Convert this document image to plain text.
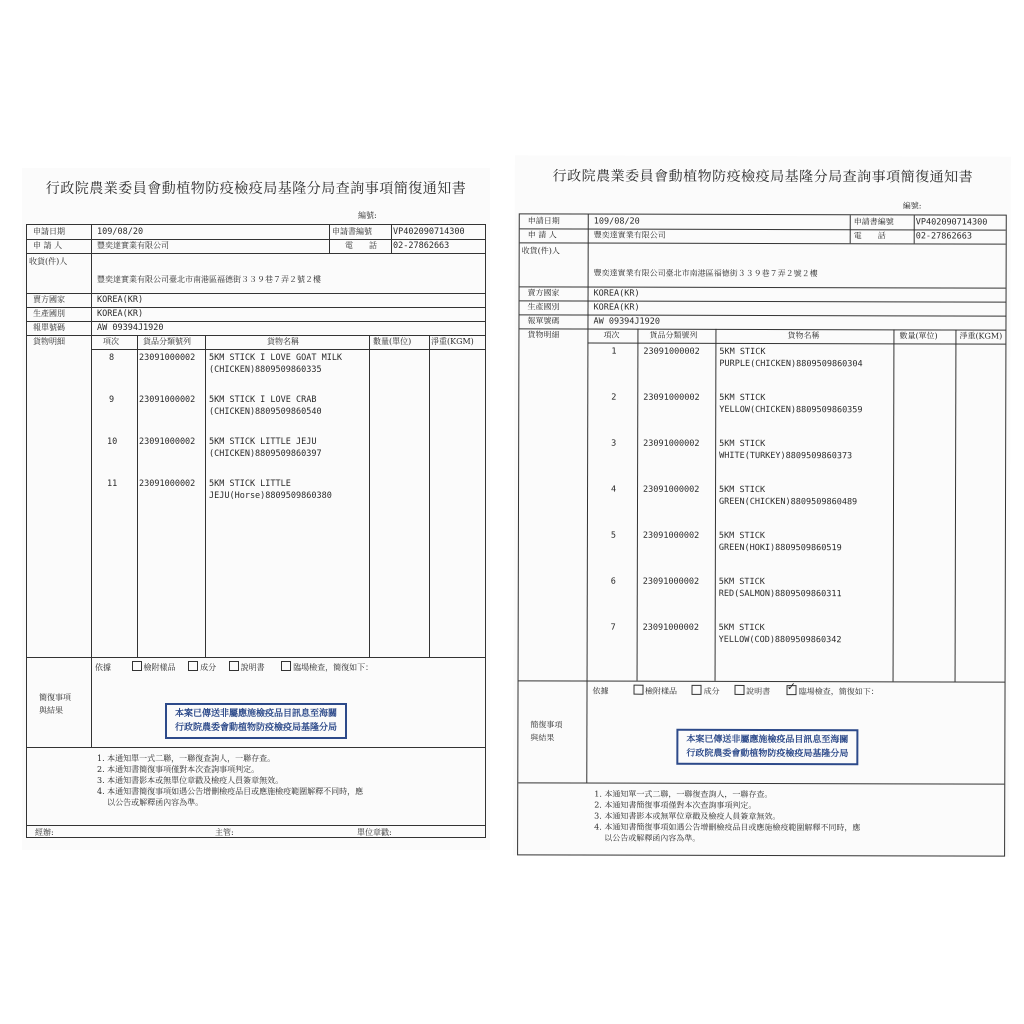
行政院農業委員會動植物防疫檢疫局基隆分局查詢事項簡復通知書
編號:
申請日期	109/08/20	申請書編號 VP402090714300
申 請 人	豐奕達實業有限公司	電　　話 02-27862663
收貨(件)人
豐奕達實業有限公司臺北市南港區福德街３３９巷７弄２號２樓
賣方國家	KOREA(KR)
生產國別	KOREA(KR)
報單號碼	AW 09394J1920
貨物明細	項次	貨品分類號列	貨物名稱	數量(單位) 淨重(KGM)
8	23091000002 5KM STICK I LOVE GOAT MILK
(CHICKEN)8809509860335
9	23091000002 5KM STICK I LOVE CRAB
(CHICKEN)8809509860540
10	23091000002 5KM STICK LITTLE JEJU
(CHICKEN)8809509860397
11	23091000002 5KM STICK LITTLE
JEJU(Horse)8809509860380
依據	檢附樣品	成分	說明書	臨場檢查，簡復如下：
簡復事項
與結果	本案已傳送非屬應施檢疫品目訊息至海關
行政院農委會動植物防疫檢疫局基隆分局
1. 本通知單一式二聯，一聯復查詢人，一聯存查。
2. 本通知書簡復事項僅對本次查詢事項判定。
3. 本通知書影本或無單位章戳及檢疫人員簽章無效。
4. 本通知書簡復事項如遇公告增刪檢疫品目或應施檢疫範圍解釋不同時，應
以公告或解釋函內容為準。
經辦:	主管:	單位章戳:
行政院農業委員會動植物防疫檢疫局基隆分局查詢事項簡復通知書
編號:
申請日期	109/08/20	申請書編號	VP402090714300
申 請 人	豐奕達實業有限公司	電　　話	02-27862663
收貨(件)人
豐奕達實業有限公司臺北市南港區福德街３３９巷７弄２號２樓
賣方國家	KOREA(KR)
生產國別	KOREA(KR)
報單號碼	AW 09394J1920
貨物明細	項次	貨品分類號列	貨物名稱	數量(單位)	淨重(KGM)
1	23091000002 5KM STICK
PURPLE(CHICKEN)8809509860304
2	23091000002 5KM STICK
YELLOW(CHICKEN)8809509860359
3	23091000002 5KM STICK
WHITE(TURKEY)8809509860373
4	23091000002 5KM STICK
GREEN(CHICKEN)8809509860489
5	23091000002 5KM STICK
GREEN(HOKI)8809509860519
6	23091000002 5KM STICK
RED(SALMON)8809509860311
7	23091000002 5KM STICK
YELLOW(COD)8809509860342
依據	檢附樣品	成分	說明書 ✓ 臨場檢查，簡復如下：
簡復事項
與結果	本案已傳送非屬應施檢疫品目訊息至海關
行政院農委會動植物防疫檢疫局基隆分局
1. 本通知單一式二聯，一聯復查詢人，一聯存查。
2. 本通知書簡復事項僅對本次查詢事項判定。
3. 本通知書影本或無單位章戳及檢疫人員簽章無效。
4. 本通知書簡復事項如遇公告增刪檢疫品目或應施檢疫範圍解釋不同時，應
以公告或解釋函內容為準。
